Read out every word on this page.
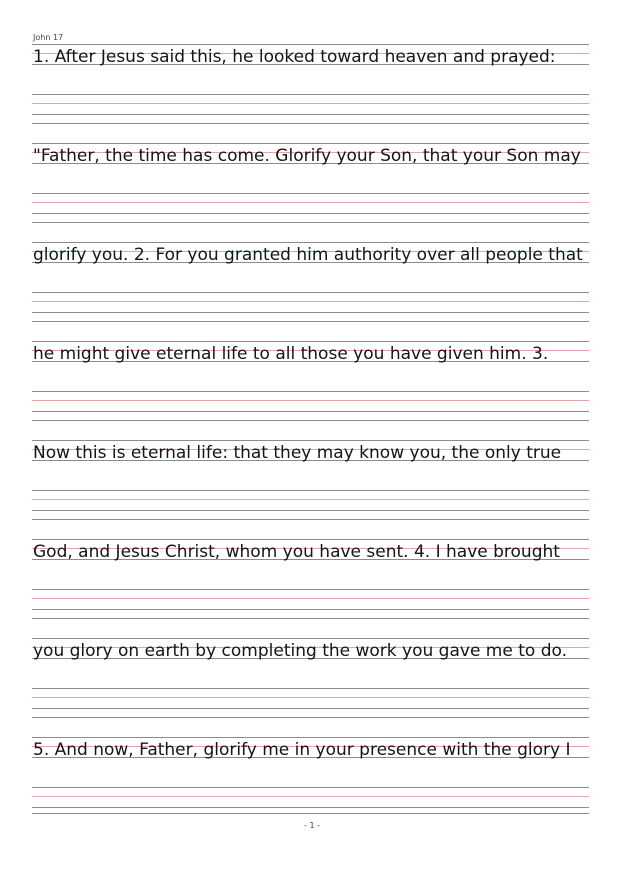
John 17
1. After Jesus said this, he looked toward heaven and prayed:
"Father, the time has come. Glorify your Son, that your Son may
glorify you. 2. For you granted him authority over all people that
he might give eternal life to all those you have given him. 3.
Now this is eternal life: that they may know you, the only true
God, and Jesus Christ, whom you have sent. 4. I have brought
you glory on earth by completing the work you gave me to do.
5. And now, Father, glorify me in your presence with the glory I
- 1 -
